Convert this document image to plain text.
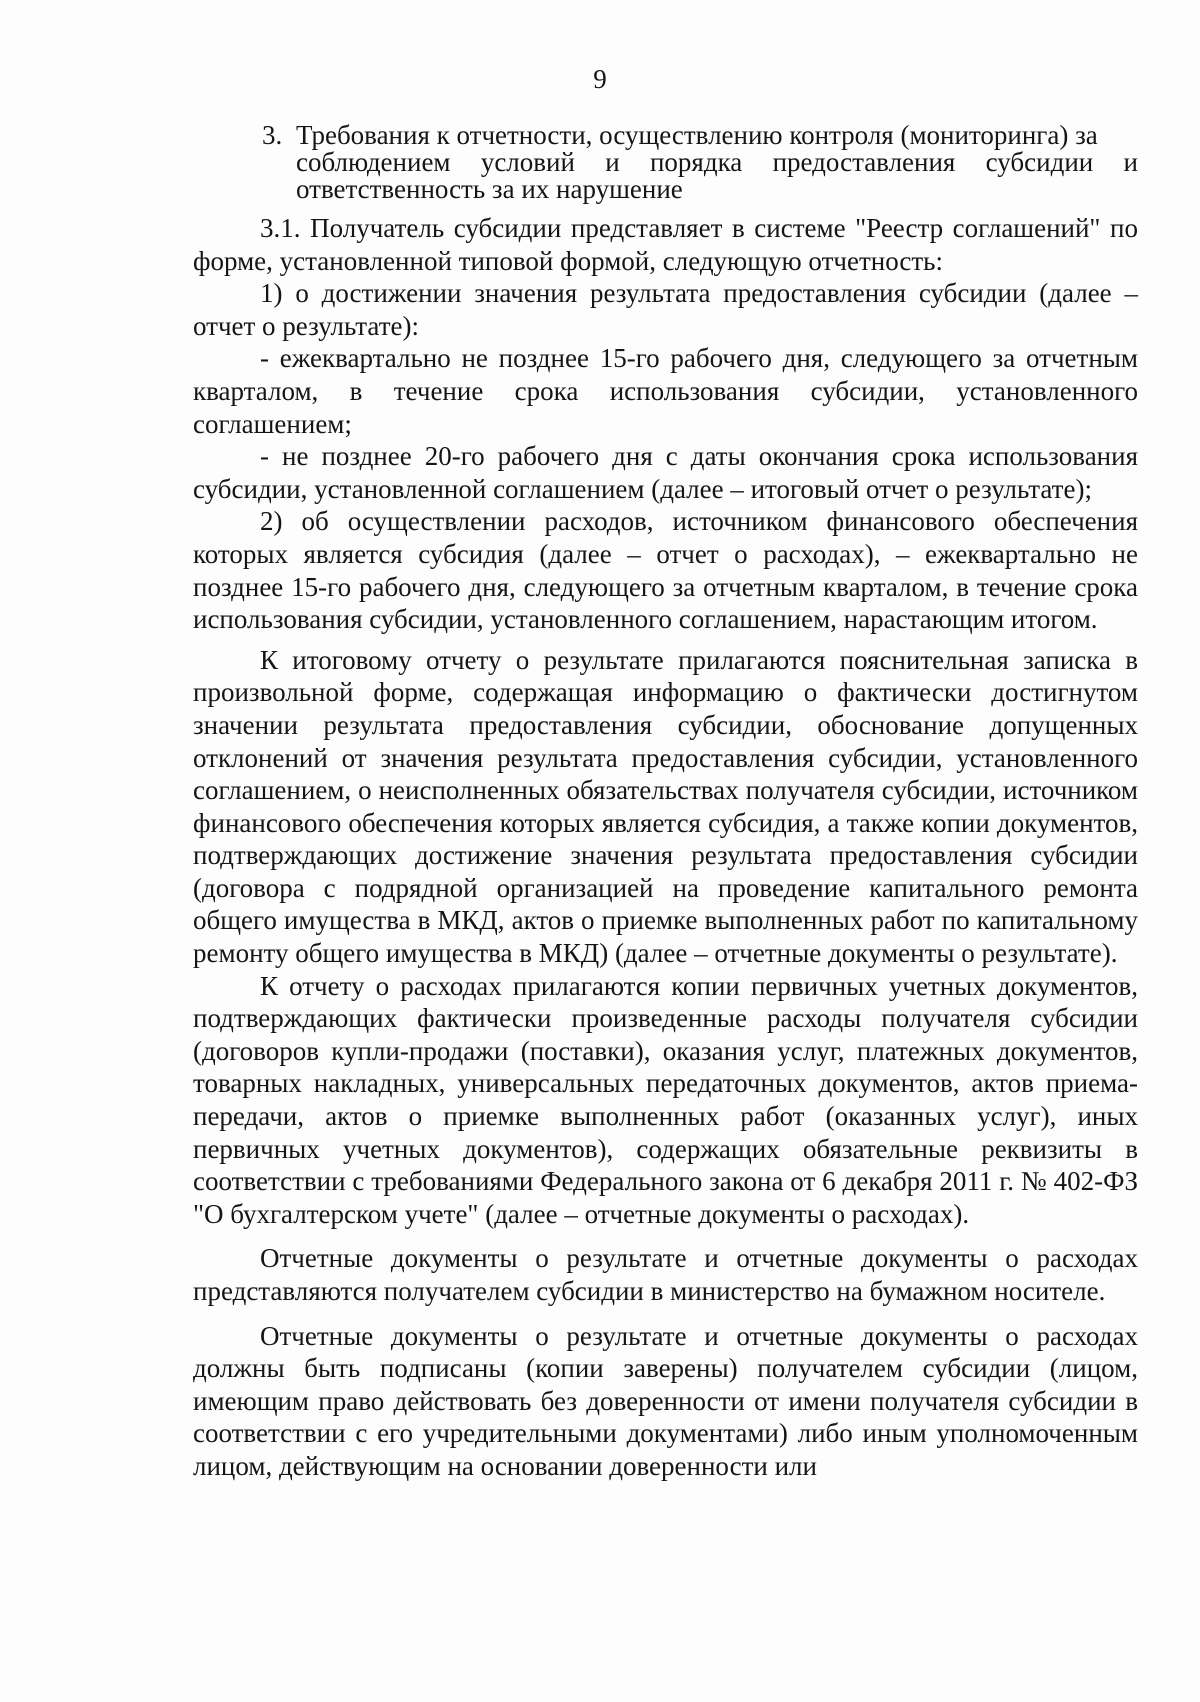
9
3. Требования к отчетности, осуществлению контроля (мониторинга) за
соблюдением условий и порядка предоставления субсидии и
ответственность за их нарушение

3.1. Получатель субсидии представляет в системе "Реестр соглашений" по форме, установленной типовой формой, следующую отчетность:

1) о достижении значения результата предоставления субсидии (далее – отчет о результате):

- ежеквартально не позднее 15-го рабочего дня, следующего за отчетным кварталом, в течение срока использования субсидии, установленного соглашением;

- не позднее 20-го рабочего дня с даты окончания срока использования субсидии, установленной соглашением (далее – итоговый отчет о результате);

2) об осуществлении расходов, источником финансового обеспечения которых является субсидия (далее – отчет о расходах), – ежеквартально не позднее 15-го рабочего дня, следующего за отчетным кварталом, в течение срока использования субсидии, установленного соглашением, нарастающим итогом.

К итоговому отчету о результате прилагаются пояснительная записка в произвольной форме, содержащая информацию о фактически достигнутом значении результата предоставления субсидии, обоснование допущенных отклонений от значения результата предоставления субсидии, установленного соглашением, о неисполненных обязательствах получателя субсидии, источником финансового обеспечения которых является субсидия, а также копии документов, подтверждающих достижение значения результата предоставления субсидии (договора с подрядной организацией на проведение капитального ремонта общего имущества в МКД, актов о приемке выполненных работ по капитальному ремонту общего имущества в МКД) (далее – отчетные документы о результате).

К отчету о расходах прилагаются копии первичных учетных документов, подтверждающих фактически произведенные расходы получателя субсидии (договоров купли-продажи (поставки), оказания услуг, платежных документов, товарных накладных, универсальных передаточных документов, актов приема-передачи, актов о приемке выполненных работ (оказанных услуг), иных первичных учетных документов), содержащих обязательные реквизиты в соответствии с требованиями Федерального закона от 6 декабря 2011 г. № 402-ФЗ "О бухгалтерском учете" (далее – отчетные документы о расходах).

Отчетные документы о результате и отчетные документы о расходах представляются получателем субсидии в министерство на бумажном носителе.

Отчетные документы о результате и отчетные документы о расходах должны быть подписаны (копии заверены) получателем субсидии (лицом, имеющим право действовать без доверенности от имени получателя субсидии в соответствии с его учредительными документами) либо иным уполномоченным лицом, действующим на основании доверенности или
